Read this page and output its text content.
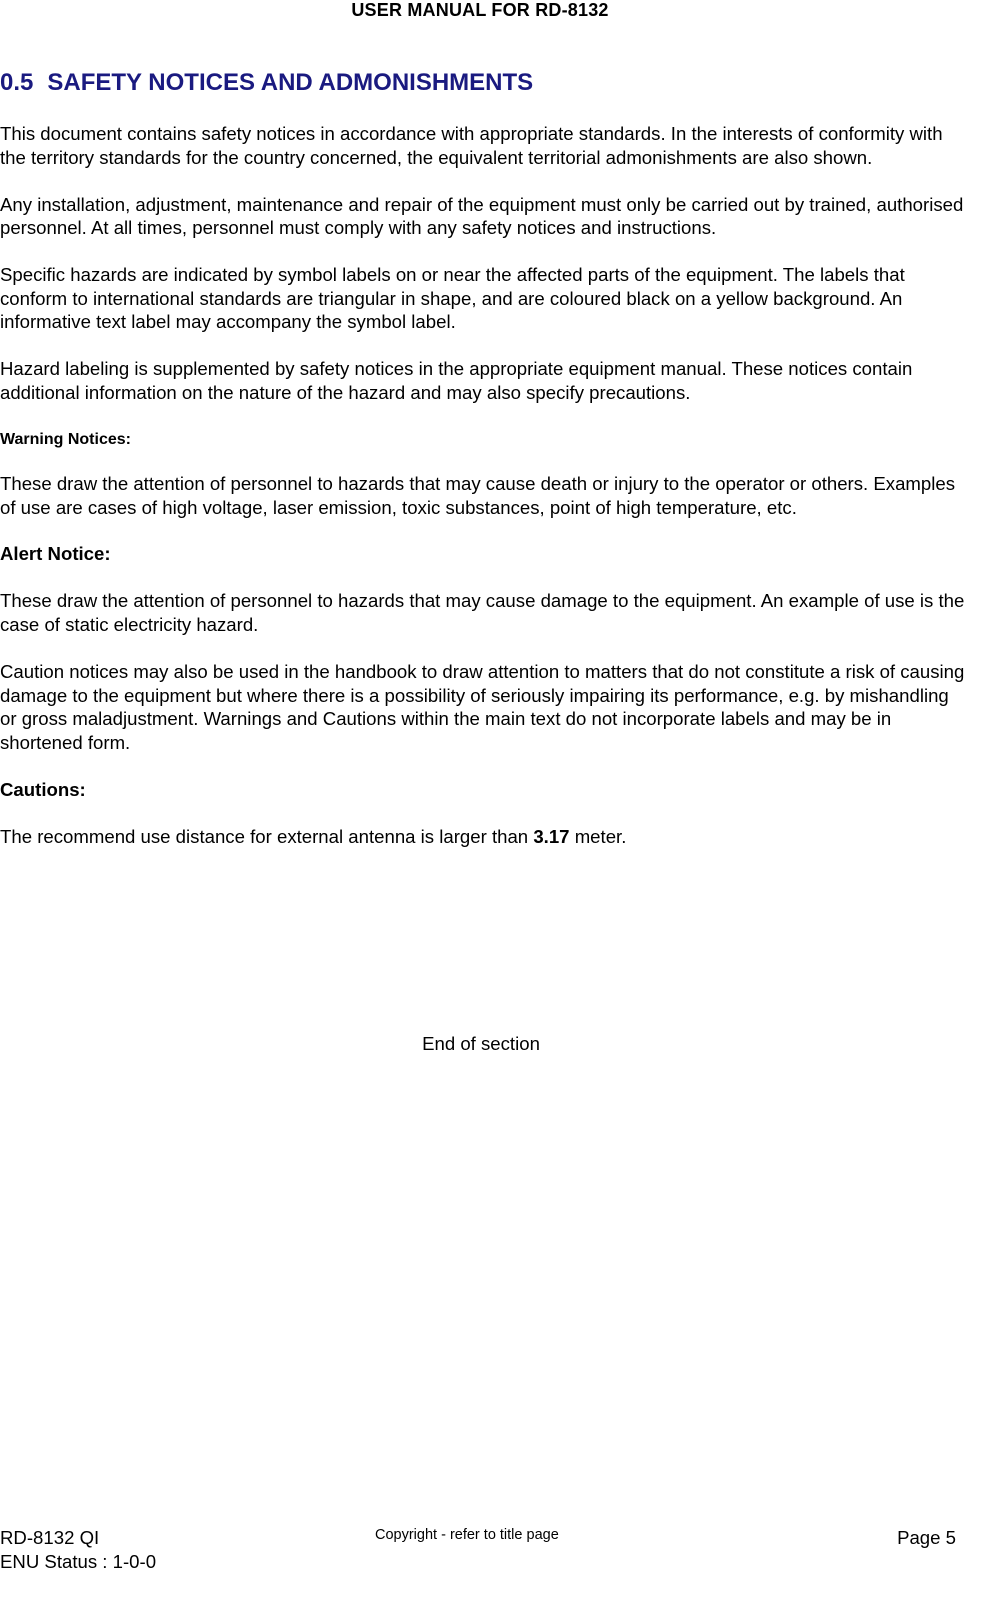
USER MANUAL FOR RD-8132
0.5 SAFETY NOTICES AND ADMONISHMENTS

This document contains safety notices in accordance with appropriate standards. In the interests of conformity with the territory standards for the country concerned, the equivalent territorial admonishments are also shown.

Any installation, adjustment, maintenance and repair of the equipment must only be carried out by trained, authorised personnel. At all times, personnel must comply with any safety notices and instructions.

Specific hazards are indicated by symbol labels on or near the affected parts of the equipment. The labels that conform to international standards are triangular in shape, and are coloured black on a yellow background. An informative text label may accompany the symbol label.

Hazard labeling is supplemented by safety notices in the appropriate equipment manual. These notices contain additional information on the nature of the hazard and may also specify precautions.

Warning Notices:

These draw the attention of personnel to hazards that may cause death or injury to the operator or others. Examples of use are cases of high voltage, laser emission, toxic substances, point of high temperature, etc.

Alert Notice:

These draw the attention of personnel to hazards that may cause damage to the equipment. An example of use is the case of static electricity hazard.

Caution notices may also be used in the handbook to draw attention to matters that do not constitute a risk of causing damage to the equipment but where there is a possibility of seriously impairing its performance, e.g. by mishandling or gross maladjustment. Warnings and Cautions within the main text do not incorporate labels and may be in shortened form.

Cautions:

The recommend use distance for external antenna is larger than 3.17 meter.

End of section
RD-8132 QI
ENU Status : 1-0-0
Copyright - refer to title page	Page 5
